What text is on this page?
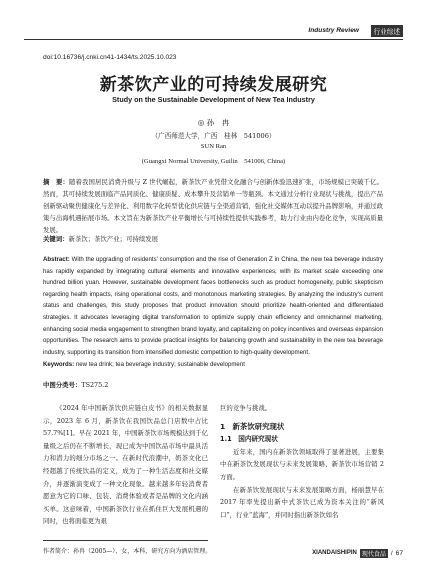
Industry Review	行业综述
doi:10.16736/j.cnki.cn41-1434/ts.2025.10.023
新茶饮产业的可持续发展研究
Study on the Sustainable Development of New Tea Industry
◎ 孙　冉
（广西师范大学，广西　桂林　541006）
SUN Ran
(Guangxi Normal University, Guilin　541006, China)
摘　要：随着我国居民消费升级与 Z 世代崛起，新茶饮产业凭借文化融合与创新体验迅速扩张，市场规模已突破千亿。然而，其可持续发展面临产品同质化、健康质疑、成本攀升及营销单一等瓶颈。本文通过分析行业现状与挑战，提出产品创新驱动聚焦健康化与差异化、利用数字化转型优化供应链与全渠道营销，强化社交媒体互动以提升品牌影响，并通过政策与出海机遇拓展市场。本文旨在为新茶饮产业平衡增长与可持续性提供实践参考，助力行业由内卷化竞争，实现高质量发展。
关键词：新茶饮；茶饮产业；可持续发展
Abstract: With the upgrading of residents' consumption and the rise of Generation Z in China, the new tea beverage industry has rapidly expanded by integrating cultural elements and innovative experiences, with its market scale exceeding one hundred billion yuan. However, sustainable development faces bottlenecks such as product homogeneity, public skepticism regarding health impacts, rising operational costs, and monotonous marketing strategies. By analyzing the industry's current status and challenges, this study proposes that product innovation should prioritize health-oriented and differentiated strategies. It advocates leveraging digital transformation to optimize supply chain efficiency and omnichannel marketing, enhancing social media engagement to strengthen brand loyalty, and capitalizing on policy incentives and overseas expansion opportunities. The research aims to provide practical insights for balancing growth and sustainability in the new tea beverage industry, supporting its transition from intensified domestic competition to high-quality development.
Keywords: new tea drink; tea beverage industry; sustainable development
中图分类号：TS275.2
《2024 年中国新茶饮供应链白皮书》的相关数据显示，2023 年 6 月，新茶饮在我国饮品总门店数中占比 57.7%[1]。早在 2021 年，中国新茶饮市场规模达到千亿量级之后仍在不断增长，现已成为中国饮品市场中最具活力和潜力的细分市场之一。在新时代浪潮中，奶茶文化已经超越了传统饮品的定义，成为了一种生活态度和社交媒介，并逐渐演变成了一种文化现象。越来越多年轻消费者愿意为它的口味、包装、消费体验或者是品牌的文化内涵买单。这意味着，中国新茶饮行业在抓住巨大发展机遇的同时，也将面临更为艰

巨的竞争与挑战。

1　新茶饮研究现状

1.1　国内研究现状

近年来，国内在新茶饮领域取得了显著进展，主要集中在新茶饮发展现状与未来发展策略、新茶饮市场营销 2 方面。

在新茶饮发展现状与未来发展策略方面，杨丽慧早在 2017 年率先提出新中式茶饮已成为资本关注的“新风口”，行业“蓝海”，并同时指出新茶饮如名

作者简介：孙冉（2005—），女，本科，研究方向为酒店管理。	XIANDAISHIPIN 现代食品 / 67
